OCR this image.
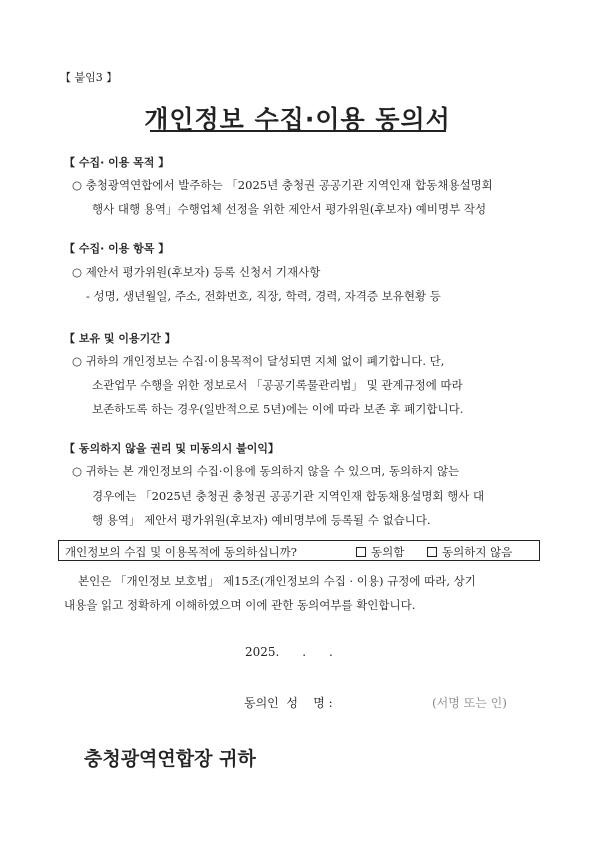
【 붙임3 】
개인정보 수집·이용 동의서
【 수집· 이용 목적 】
○ 충청광역연합에서 발주하는 「2025년 충청권 공공기관 지역인재 합동채용설명회
행사 대행 용역」수행업체 선정을 위한 제안서 평가위원(후보자) 예비명부 작성
【 수집· 이용 항목 】
○ 제안서 평가위원(후보자) 등록 신청서 기재사항
- 성명, 생년월일, 주소, 전화번호, 직장, 학력, 경력, 자격증 보유현황 등
【 보유 및 이용기간 】
○ 귀하의 개인정보는 수집·이용목적이 달성되면 지체 없이 폐기합니다. 단,
소관업무 수행을 위한 정보로서 「공공기록물관리법」 및 관계규정에 따라
보존하도록 하는 경우(일반적으로 5년)에는 이에 따라 보존 후 폐기합니다.
【 동의하지 않을 권리 및 미동의시 불이익】
○ 귀하는 본 개인정보의 수집·이용에 동의하지 않을 수 있으며, 동의하지 않는
경우에는 「2025년 충청권 충청권 공공기관 지역인재 합동채용설명회 행사 대
행 용역」 제안서 평가위원(후보자) 예비명부에 등록될 수 없습니다.
개인정보의 수집 및 이용목적에 동의하십니까?	동의함	동의하지 않음
본인은 「개인정보 보호법」 제15조(개인정보의 수집 · 이용) 규정에 따라, 상기
내용을 읽고 정확하게 이해하였으며 이에 관한 동의여부를 확인합니다.
2025.      .      .
동의인  성    명 :	(서명 또는 인)
충청광역연합장 귀하
